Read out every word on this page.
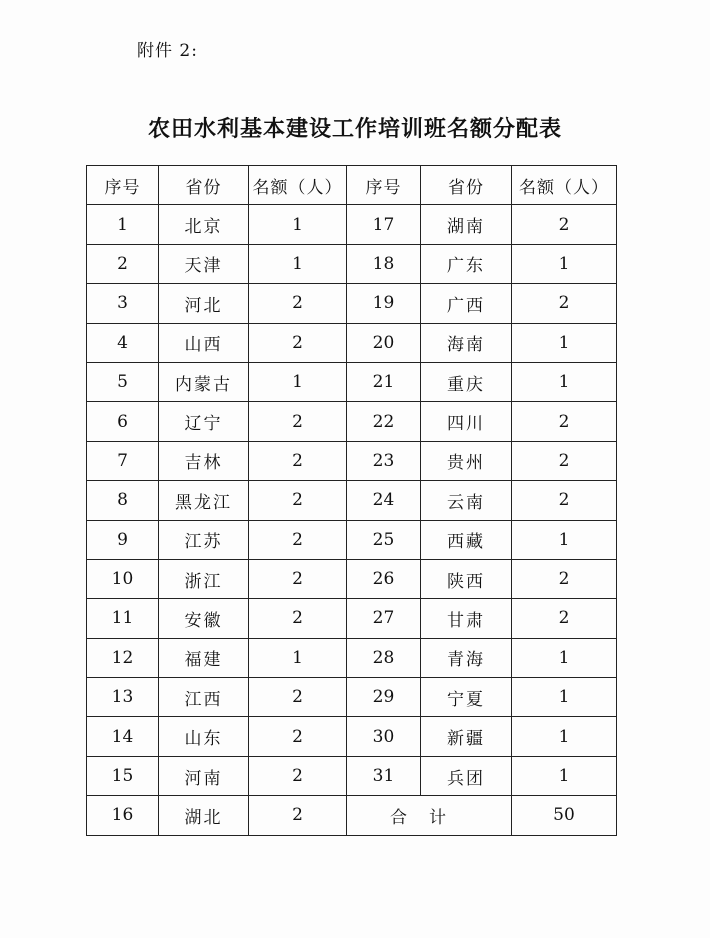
附件 2:
农田水利基本建设工作培训班名额分配表
序号	省份	名额（人）	序号	省份	名额（人）
1	北京	1	17	湖南	2
2	天津	1	18	广东	1
3	河北	2	19	广西	2
4	山西	2	20	海南	1
5	内蒙古	1	21	重庆	1
6	辽宁	2	22	四川	2
7	吉林	2	23	贵州	2
8	黑龙江	2	24	云南	2
9	江苏	2	25	西藏	1
10	浙江	2	26	陕西	2
11	安徽	2	27	甘肃	2
12	福建	1	28	青海	1
13	江西	2	29	宁夏	1
14	山东	2	30	新疆	1
15	河南	2	31	兵团	1
16	湖北	2	合计		50
